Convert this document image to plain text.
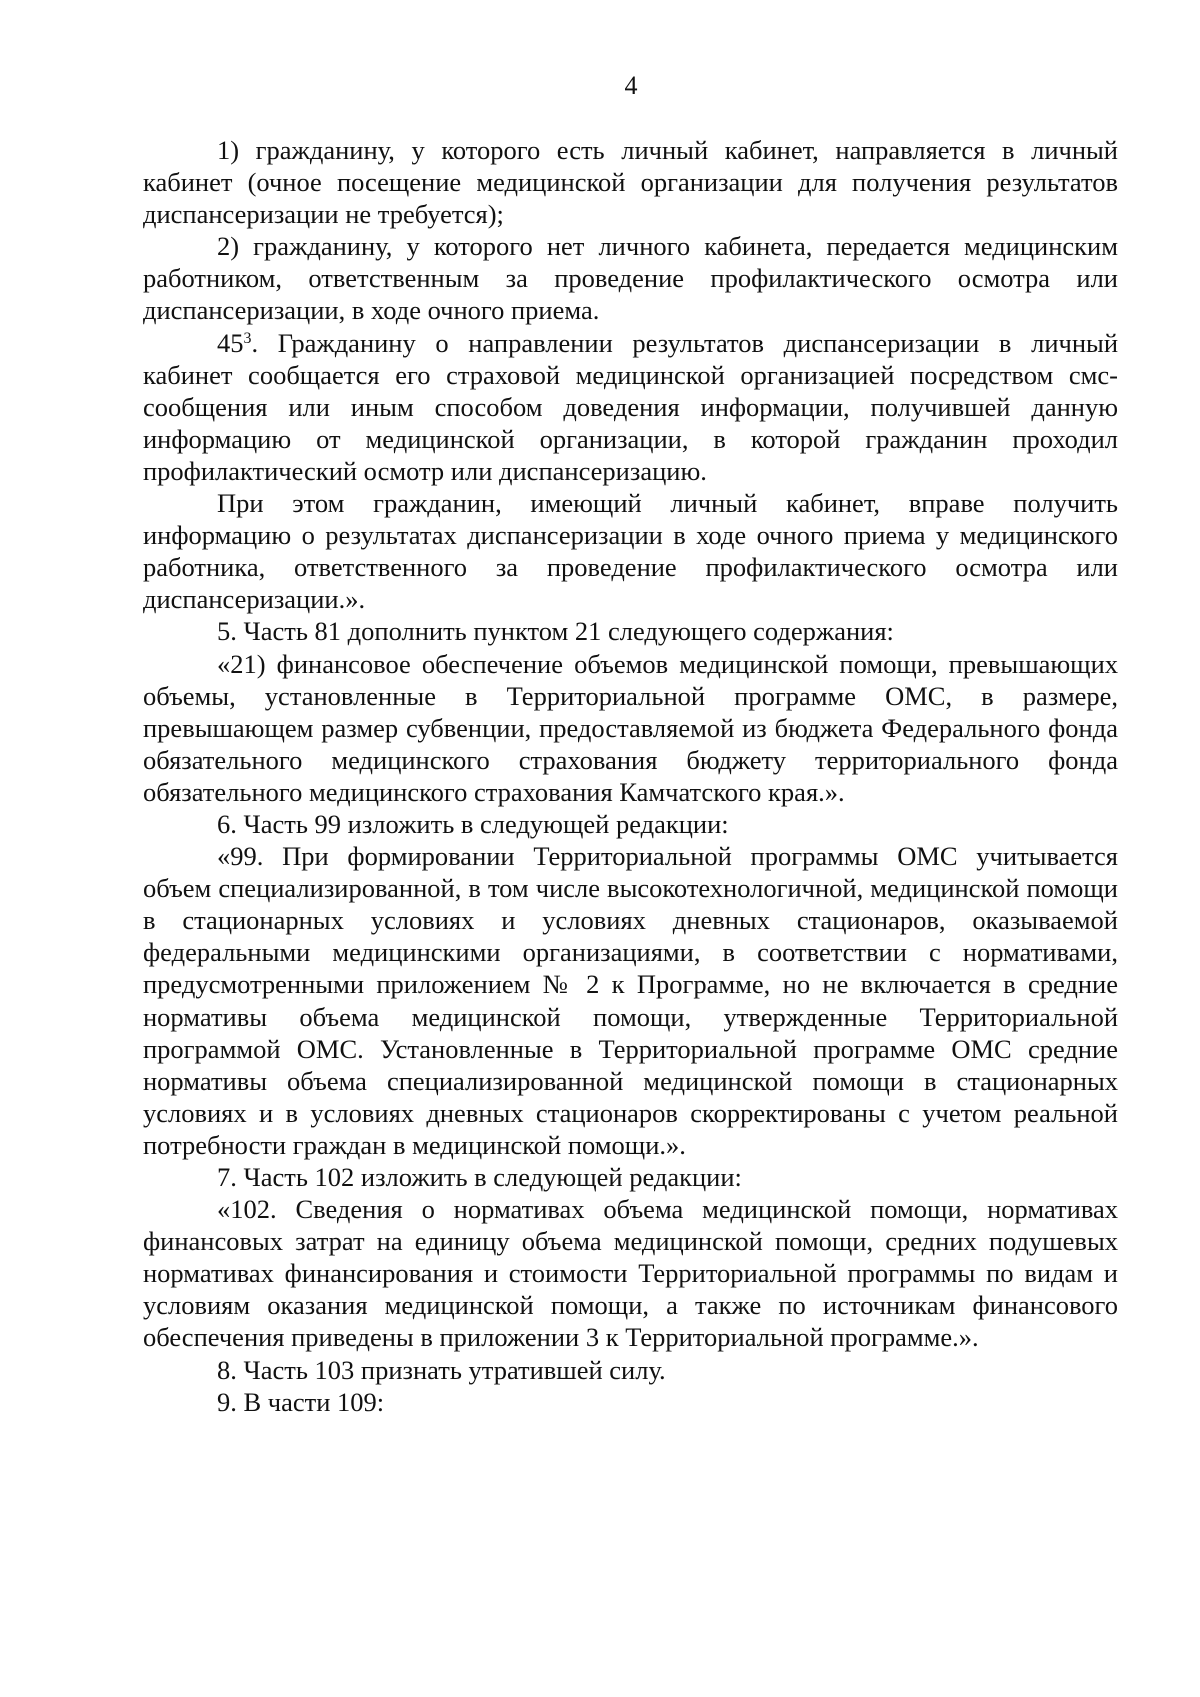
4

1) гражданину, у которого есть личный кабинет, направляется в личный кабинет (очное посещение медицинской организации для получения результатов диспансеризации не требуется);

2) гражданину, у которого нет личного кабинета, передается медицинским работником, ответственным за проведение профилактического осмотра или диспансеризации, в ходе очного приема.

$45^3$. Гражданину о направлении результатов диспансеризации в личный кабинет сообщается его страховой медицинской организацией посредством смс-сообщения или иным способом доведения информации, получившей данную информацию от медицинской организации, в которой гражданин проходил профилактический осмотр или диспансеризацию.

При этом гражданин, имеющий личный кабинет, вправе получить информацию о результатах диспансеризации в ходе очного приема у медицинского работника, ответственного за проведение профилактического осмотра или диспансеризации.».

5. Часть 81 дополнить пунктом 21 следующего содержания:

«21) финансовое обеспечение объемов медицинской помощи, превышающих объемы, установленные в Территориальной программе ОМС, в размере, превышающем размер субвенции, предоставляемой из бюджета Федерального фонда обязательного медицинского страхования бюджету территориального фонда обязательного медицинского страхования Камчатского края.».

6. Часть 99 изложить в следующей редакции:

«99. При формировании Территориальной программы ОМС учитывается объем специализированной, в том числе высокотехнологичной, медицинской помощи в стационарных условиях и условиях дневных стационаров, оказываемой федеральными медицинскими организациями, в соответствии с нормативами, предусмотренными приложением № 2 к Программе, но не включается в средние нормативы объема медицинской помощи, утвержденные Территориальной программой ОМС. Установленные в Территориальной программе ОМС средние нормативы объема специализированной медицинской помощи в стационарных условиях и в условиях дневных стационаров скорректированы с учетом реальной потребности граждан в медицинской помощи.».

7. Часть 102 изложить в следующей редакции:

«102. Сведения о нормативах объема медицинской помощи, нормативах финансовых затрат на единицу объема медицинской помощи, средних подушевых нормативах финансирования и стоимости Территориальной программы по видам и условиям оказания медицинской помощи, а также по источникам финансового обеспечения приведены в приложении 3 к Территориальной программе.».

8. Часть 103 признать утратившей силу.

9. В части 109:
